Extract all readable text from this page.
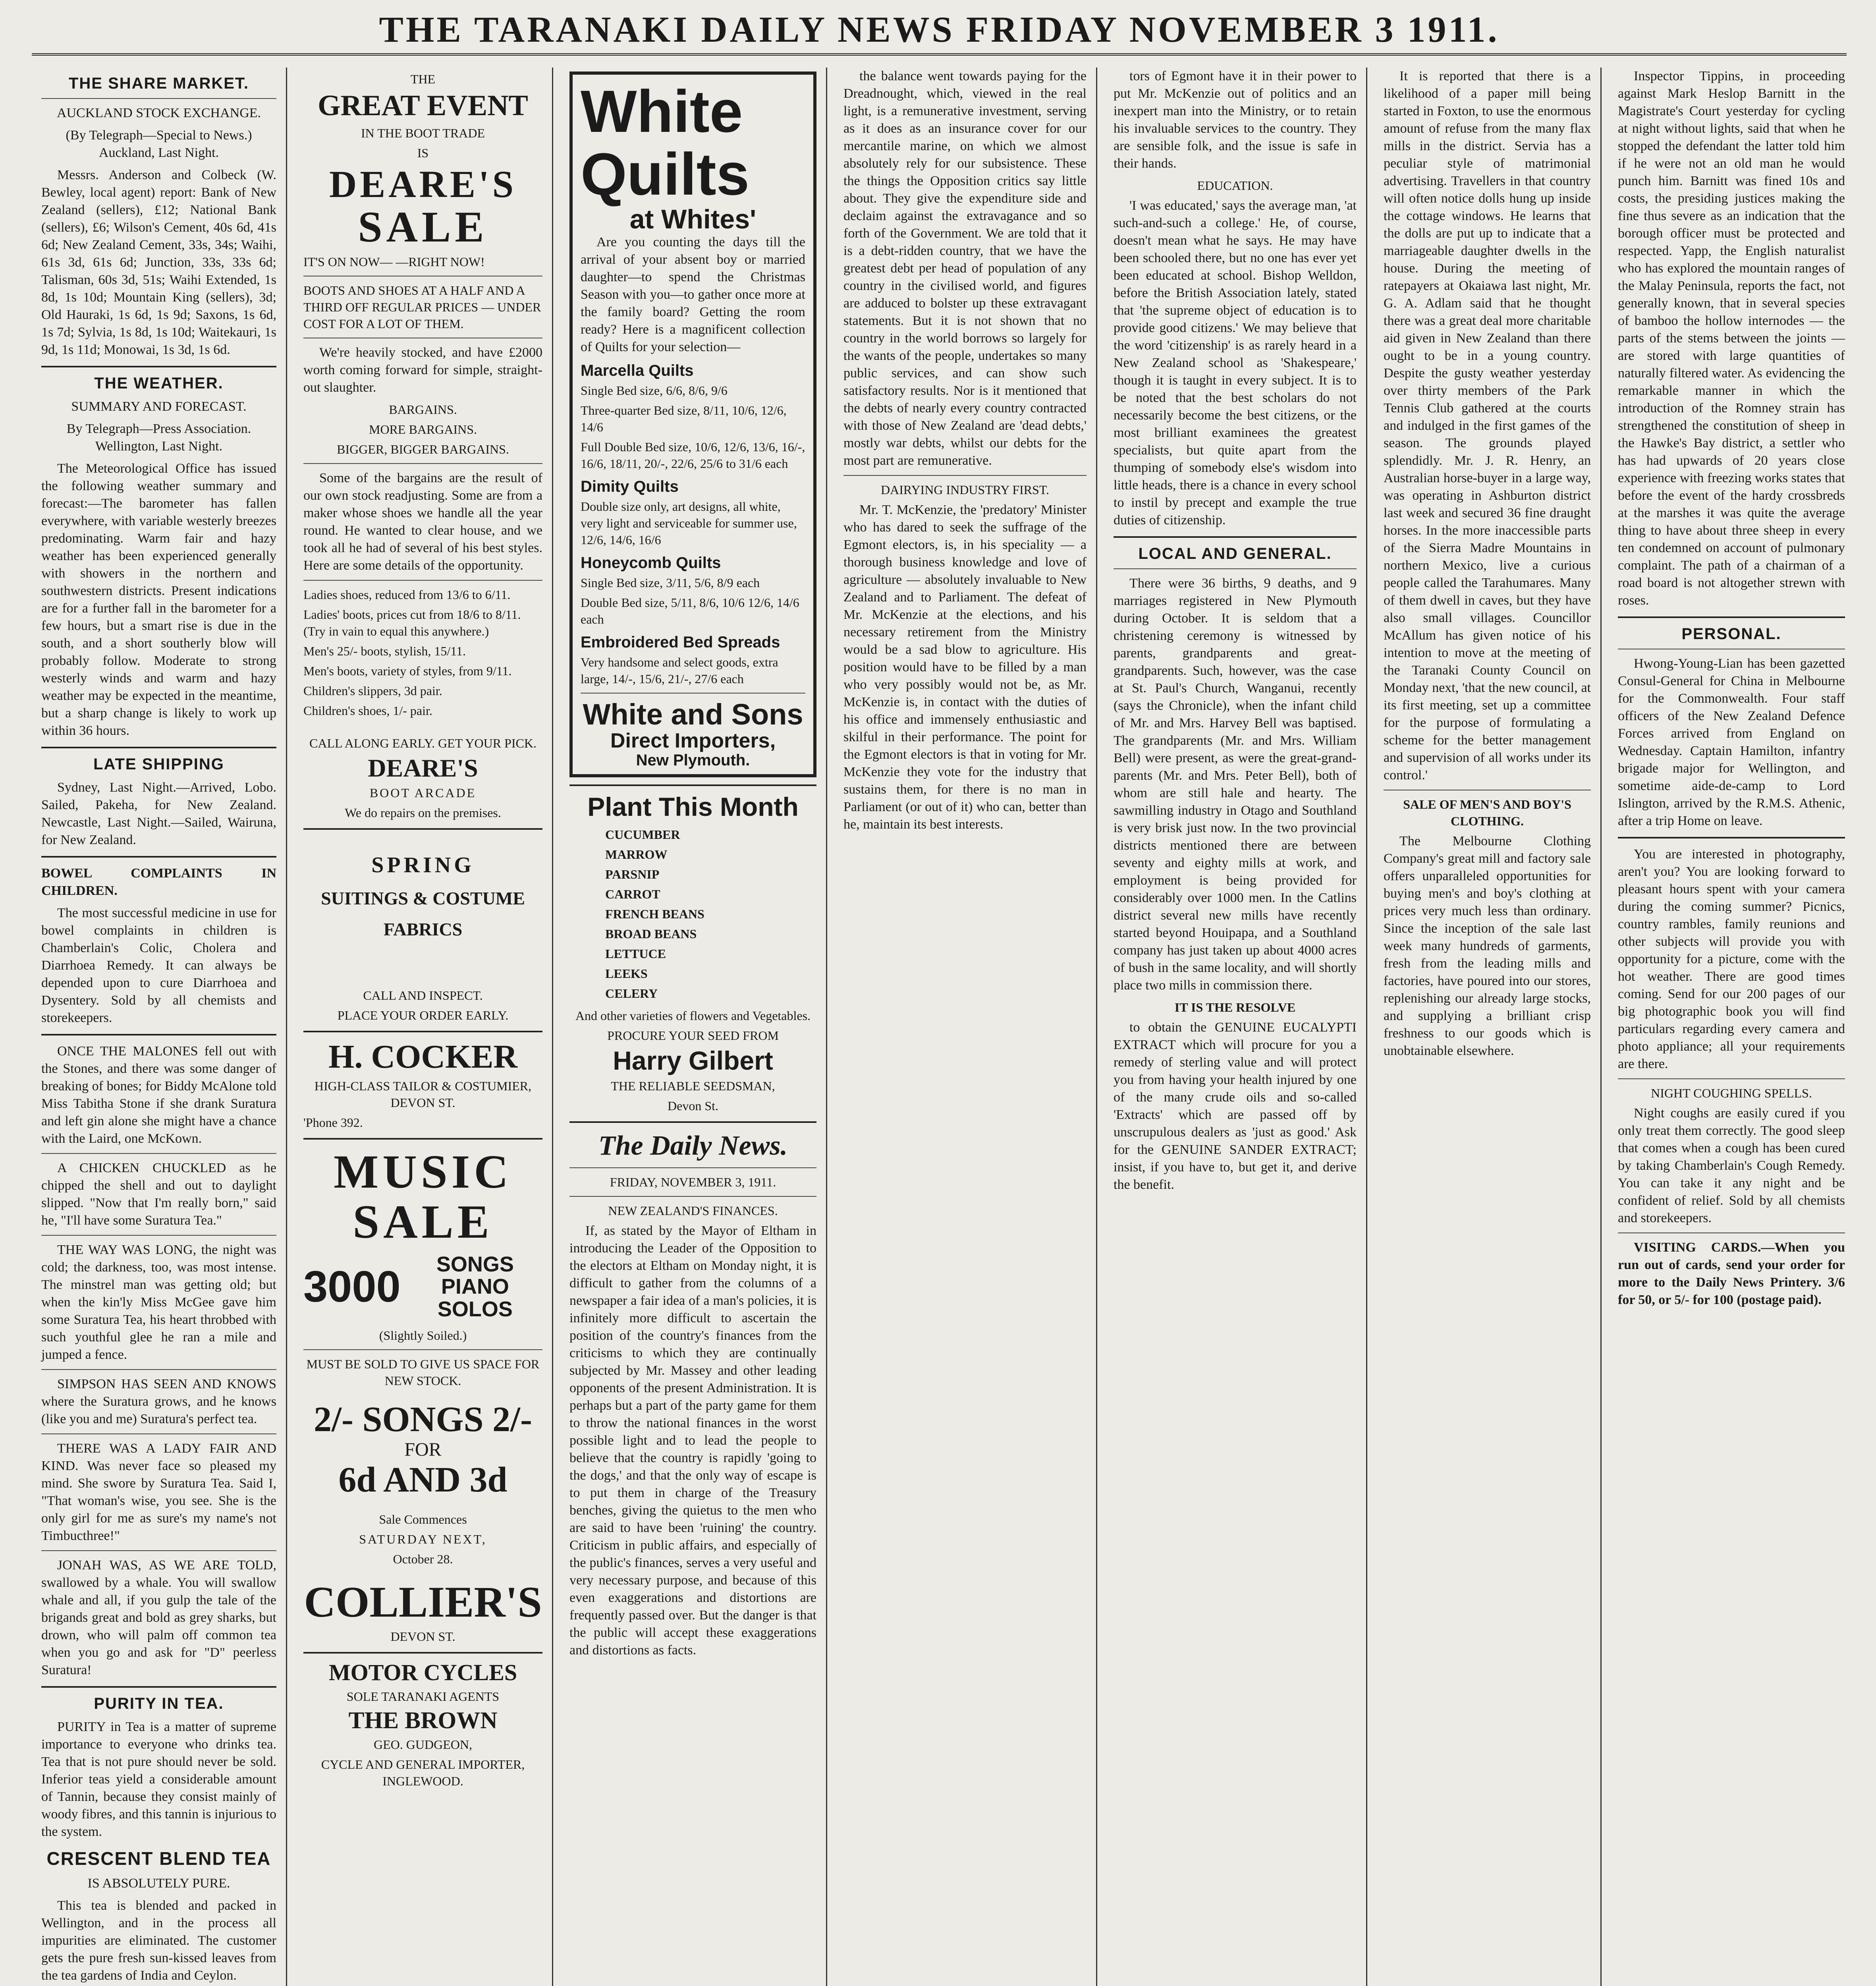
THE TARANAKI DAILY NEWS FRIDAY NOVEMBER 3 1911.
THE SHARE MARKET.

AUCKLAND STOCK EXCHANGE.

(By Telegraph—Special to News.) Auckland, Last Night.

Messrs. Anderson and Colbeck (W. Bewley, local agent) report: Bank of New Zealand (sellers), £12; National Bank (sellers), £6; Wilson's Cement, 40s 6d, 41s 6d; New Zealand Cement, 33s, 34s; Waihi, 61s 3d, 61s 6d; Junction, 33s, 33s 6d; Talisman, 60s 3d, 51s; Waihi Extended, 1s 8d, 1s 10d; Mountain King (sellers), 3d; Old Hauraki, 1s 6d, 1s 9d; Saxons, 1s 6d, 1s 7d; Sylvia, 1s 8d, 1s 10d; Waitekauri, 1s 9d, 1s 11d; Monowai, 1s 3d, 1s 6d.

THE WEATHER.

SUMMARY AND FORECAST.

By Telegraph—Press Association. Wellington, Last Night.

The Meteorological Office has issued the following weather summary and forecast:—The barometer has fallen everywhere, with variable westerly breezes predominating. Warm fair and hazy weather has been experienced generally with showers in the northern and southwestern districts. Present indications are for a further fall in the barometer for a few hours, but a smart rise is due in the south, and a short southerly blow will probably follow. Moderate to strong westerly winds and warm and hazy weather may be expected in the meantime, but a sharp change is likely to work up within 36 hours.

LATE SHIPPING

Sydney, Last Night.—Arrived, Lobo. Sailed, Pakeha, for New Zealand. Newcastle, Last Night.—Sailed, Wairuna, for New Zealand.

BOWEL COMPLAINTS IN CHILDREN.

The most successful medicine in use for bowel complaints in children is Chamberlain's Colic, Cholera and Diarrhoea Remedy. It can always be depended upon to cure Diarrhoea and Dysentery. Sold by all chemists and storekeepers.

ONCE THE MALONES fell out with the Stones, and there was some danger of breaking of bones; for Biddy McAlone told Miss Tabitha Stone if she drank Suratura and left gin alone she might have a chance with the Laird, one McKown.

A CHICKEN CHUCKLED as he chipped the shell and out to daylight slipped. "Now that I'm really born," said he, "I'll have some Suratura Tea."

THE WAY WAS LONG, the night was cold; the darkness, too, was most intense. The minstrel man was getting old; but when the kin'ly Miss McGee gave him some Suratura Tea, his heart throbbed with such youthful glee he ran a mile and jumped a fence.

SIMPSON HAS SEEN AND KNOWS where the Suratura grows, and he knows (like you and me) Suratura's perfect tea.

THERE WAS A LADY FAIR AND KIND. Was never face so pleased my mind. She swore by Suratura Tea. Said I, "That woman's wise, you see. She is the only girl for me as sure's my name's not Timbucthree!"

JONAH WAS, AS WE ARE TOLD, swallowed by a whale. You will swallow whale and all, if you gulp the tale of the brigands great and bold as grey sharks, but drown, who will palm off common tea when you go and ask for "D" peerless Suratura!

PURITY IN TEA.

PURITY in Tea is a matter of supreme importance to everyone who drinks tea. Tea that is not pure should never be sold. Inferior teas yield a considerable amount of Tannin, because they consist mainly of woody fibres, and this tannin is injurious to the system.

CRESCENT BLEND TEA

IS ABSOLUTELY PURE.

This tea is blended and packed in Wellington, and in the process all impurities are eliminated. The customer gets the pure fresh sun-kissed leaves from the tea gardens of India and Ceylon.

THE

GREAT EVENT

IN THE BOOT TRADE

IS

DEARE'S
SALE

IT'S ON NOW— —RIGHT NOW!

BOOTS AND SHOES AT A HALF AND A THIRD OFF REGULAR PRICES — UNDER COST FOR A LOT OF THEM.

We're heavily stocked, and have £2000 worth coming forward for simple, straight-out slaughter.

BARGAINS.

MORE BARGAINS.

BIGGER, BIGGER BARGAINS.

Some of the bargains are the result of our own stock readjusting. Some are from a maker whose shoes we handle all the year round. He wanted to clear house, and we took all he had of several of his best styles. Here are some details of the opportunity.

Ladies shoes, reduced from 13/6 to 6/11.

Ladies' boots, prices cut from 18/6 to 8/11. (Try in vain to equal this anywhere.)

Men's 25/- boots, stylish, 15/11.

Men's boots, variety of styles, from 9/11.

Children's slippers, 3d pair.

Children's shoes, 1/- pair.

CALL ALONG EARLY. GET YOUR PICK.

DEARE'S

BOOT ARCADE

We do repairs on the premises.

SPRING
SUITINGS & COSTUME
FABRICS

CALL AND INSPECT.

PLACE YOUR ORDER EARLY.

H. COCKER

HIGH-CLASS TAILOR & COSTUMIER, DEVON ST.

'Phone 392.

MUSIC
SALE
3000	SONGS
PIANO SOLOS

(Slightly Soiled.)

MUST BE SOLD TO GIVE US SPACE FOR NEW STOCK.

2/- SONGS 2/-

FOR

6d AND 3d

Sale Commences

SATURDAY NEXT,

October 28.

COLLIER'S

DEVON ST.

MOTOR CYCLES

SOLE TARANAKI AGENTS

THE BROWN

GEO. GUDGEON,

CYCLE AND GENERAL IMPORTER, INGLEWOOD.

White
Quilts
at Whites'

Are you counting the days till the arrival of your absent boy or married daughter—to spend the Christmas Season with you—to gather once more at the family board? Getting the room ready? Here is a magnificent collection of Quilts for your selection—

Marcella Quilts

Single Bed size, 6/6, 8/6, 9/6

Three-quarter Bed size, 8/11, 10/6, 12/6, 14/6

Full Double Bed size, 10/6, 12/6, 13/6, 16/-, 16/6, 18/11, 20/-, 22/6, 25/6 to 31/6 each

Dimity Quilts

Double size only, art designs, all white, very light and serviceable for summer use, 12/6, 14/6, 16/6

Honeycomb Quilts

Single Bed size, 3/11, 5/6, 8/9 each

Double Bed size, 5/11, 8/6, 10/6 12/6, 14/6 each

Embroidered Bed Spreads

Very handsome and select goods, extra large, 14/-, 15/6, 21/-, 27/6 each

White and Sons
Direct Importers,
New Plymouth.
Plant This Month
CUCUMBER
MARROW
PARSNIP
CARROT
FRENCH BEANS
BROAD BEANS
LETTUCE
LEEKS
CELERY

And other varieties of flowers and Vegetables.

PROCURE YOUR SEED FROM

Harry Gilbert

THE RELIABLE SEEDSMAN,

Devon St.

The Daily News.

FRIDAY, NOVEMBER 3, 1911.

NEW ZEALAND'S FINANCES.

If, as stated by the Mayor of Eltham in introducing the Leader of the Opposition to the electors at Eltham on Monday night, it is difficult to gather from the columns of a newspaper a fair idea of a man's policies, it is infinitely more difficult to ascertain the position of the country's finances from the criticisms to which they are continually subjected by Mr. Massey and other leading opponents of the present Administration. It is perhaps but a part of the party game for them to throw the national finances in the worst possible light and to lead the people to believe that the country is rapidly 'going to the dogs,' and that the only way of escape is to put them in charge of the Treasury benches, giving the quietus to the men who are said to have been 'ruining' the country. Criticism in public affairs, and especially of the public's finances, serves a very useful and very necessary purpose, and because of this even exaggerations and distortions are frequently passed over. But the danger is that the public will accept these exaggerations and distortions as facts.

the balance went towards paying for the Dreadnought, which, viewed in the real light, is a remunerative investment, serving as it does as an insurance cover for our mercantile marine, on which we almost absolutely rely for our subsistence. These the things the Opposition critics say little about. They give the expenditure side and declaim against the extravagance and so forth of the Government. We are told that it is a debt-ridden country, that we have the greatest debt per head of population of any country in the civilised world, and figures are adduced to bolster up these extravagant statements. But it is not shown that no country in the world borrows so largely for the wants of the people, undertakes so many public services, and can show such satisfactory results. Nor is it mentioned that the debts of nearly every country contracted with those of New Zealand are 'dead debts,' mostly war debts, whilst our debts for the most part are remunerative.

DAIRYING INDUSTRY FIRST.

Mr. T. McKenzie, the 'predatory' Minister who has dared to seek the suffrage of the Egmont electors, is, in his speciality — a thorough business knowledge and love of agriculture — absolutely invaluable to New Zealand and to Parliament. The defeat of Mr. McKenzie at the elections, and his necessary retirement from the Ministry would be a sad blow to agriculture. His position would have to be filled by a man who very possibly would not be, as Mr. McKenzie is, in contact with the duties of his office and immensely enthusiastic and skilful in their performance. The point for the Egmont electors is that in voting for Mr. McKenzie they vote for the industry that sustains them, for there is no man in Parliament (or out of it) who can, better than he, maintain its best interests.

tors of Egmont have it in their power to put Mr. McKenzie out of politics and an inexpert man into the Ministry, or to retain his invaluable services to the country. They are sensible folk, and the issue is safe in their hands.

EDUCATION.

'I was educated,' says the average man, 'at such-and-such a college.' He, of course, doesn't mean what he says. He may have been schooled there, but no one has ever yet been educated at school. Bishop Welldon, before the British Association lately, stated that 'the supreme object of education is to provide good citizens.' We may believe that the word 'citizenship' is as rarely heard in a New Zealand school as 'Shakespeare,' though it is taught in every subject. It is to be noted that the best scholars do not necessarily become the best citizens, or the most brilliant examinees the greatest specialists, but quite apart from the thumping of somebody else's wisdom into little heads, there is a chance in every school to instil by precept and example the true duties of citizenship.

LOCAL AND GENERAL.

There were 36 births, 9 deaths, and 9 marriages registered in New Plymouth during October. It is seldom that a christening ceremony is witnessed by parents, grandparents and great-grandparents. Such, however, was the case at St. Paul's Church, Wanganui, recently (says the Chronicle), when the infant child of Mr. and Mrs. Harvey Bell was baptised. The grandparents (Mr. and Mrs. William Bell) were present, as were the great-grand-parents (Mr. and Mrs. Peter Bell), both of whom are still hale and hearty. The sawmilling industry in Otago and Southland is very brisk just now. In the two provincial districts mentioned there are between seventy and eighty mills at work, and employment is being provided for considerably over 1000 men. In the Catlins district several new mills have recently started beyond Houipapa, and a Southland company has just taken up about 4000 acres of bush in the same locality, and will shortly place two mills in commission there.

IT IS THE RESOLVE

to obtain the GENUINE EUCALYPTI EXTRACT which will procure for you a remedy of sterling value and will protect you from having your health injured by one of the many crude oils and so-called 'Extracts' which are passed off by unscrupulous dealers as 'just as good.' Ask for the GENUINE SANDER EXTRACT; insist, if you have to, but get it, and derive the benefit.

It is reported that there is a likelihood of a paper mill being started in Foxton, to use the enormous amount of refuse from the many flax mills in the district. Servia has a peculiar style of matrimonial advertising. Travellers in that country will often notice dolls hung up inside the cottage windows. He learns that the dolls are put up to indicate that a marriageable daughter dwells in the house. During the meeting of ratepayers at Okaiawa last night, Mr. G. A. Adlam said that he thought there was a great deal more charitable aid given in New Zealand than there ought to be in a young country. Despite the gusty weather yesterday over thirty members of the Park Tennis Club gathered at the courts and indulged in the first games of the season. The grounds played splendidly. Mr. J. R. Henry, an Australian horse-buyer in a large way, was operating in Ashburton district last week and secured 36 fine draught horses. In the more inaccessible parts of the Sierra Madre Mountains in northern Mexico, live a curious people called the Tarahumares. Many of them dwell in caves, but they have also small villages. Councillor McAllum has given notice of his intention to move at the meeting of the Taranaki County Council on Monday next, 'that the new council, at its first meeting, set up a committee for the purpose of formulating a scheme for the better management and supervision of all works under its control.'

SALE OF MEN'S AND BOY'S CLOTHING.

The Melbourne Clothing Company's great mill and factory sale offers unparalleled opportunities for buying men's and boy's clothing at prices very much less than ordinary. Since the inception of the sale last week many hundreds of garments, fresh from the leading mills and factories, have poured into our stores, replenishing our already large stocks, and supplying a brilliant crisp freshness to our goods which is unobtainable elsewhere.

Inspector Tippins, in proceeding against Mark Heslop Barnitt in the Magistrate's Court yesterday for cycling at night without lights, said that when he stopped the defendant the latter told him if he were not an old man he would punch him. Barnitt was fined 10s and costs, the presiding justices making the fine thus severe as an indication that the borough officer must be protected and respected. Yapp, the English naturalist who has explored the mountain ranges of the Malay Peninsula, reports the fact, not generally known, that in several species of bamboo the hollow internodes — the parts of the stems between the joints — are stored with large quantities of naturally filtered water. As evidencing the remarkable manner in which the introduction of the Romney strain has strengthened the constitution of sheep in the Hawke's Bay district, a settler who has had upwards of 20 years close experience with freezing works states that before the event of the hardy crossbreds at the marshes it was quite the average thing to have about three sheep in every ten condemned on account of pulmonary complaint. The path of a chairman of a road board is not altogether strewn with roses.

PERSONAL.

Hwong-Young-Lian has been gazetted Consul-General for China in Melbourne for the Commonwealth. Four staff officers of the New Zealand Defence Forces arrived from England on Wednesday. Captain Hamilton, infantry brigade major for Wellington, and sometime aide-de-camp to Lord Islington, arrived by the R.M.S. Athenic, after a trip Home on leave.

You are interested in photography, aren't you? You are looking forward to pleasant hours spent with your camera during the coming summer? Picnics, country rambles, family reunions and other subjects will provide you with opportunity for a picture, come with the hot weather. There are good times coming. Send for our 200 pages of our big photographic book you will find particulars regarding every camera and photo appliance; all your requirements are there.

NIGHT COUGHING SPELLS.

Night coughs are easily cured if you only treat them correctly. The good sleep that comes when a cough has been cured by taking Chamberlain's Cough Remedy. You can take it any night and be confident of relief. Sold by all chemists and storekeepers.

VISITING CARDS.—When you run out of cards, send your order for more to the Daily News Printery. 3/6 for 50, or 5/- for 100 (postage paid).
